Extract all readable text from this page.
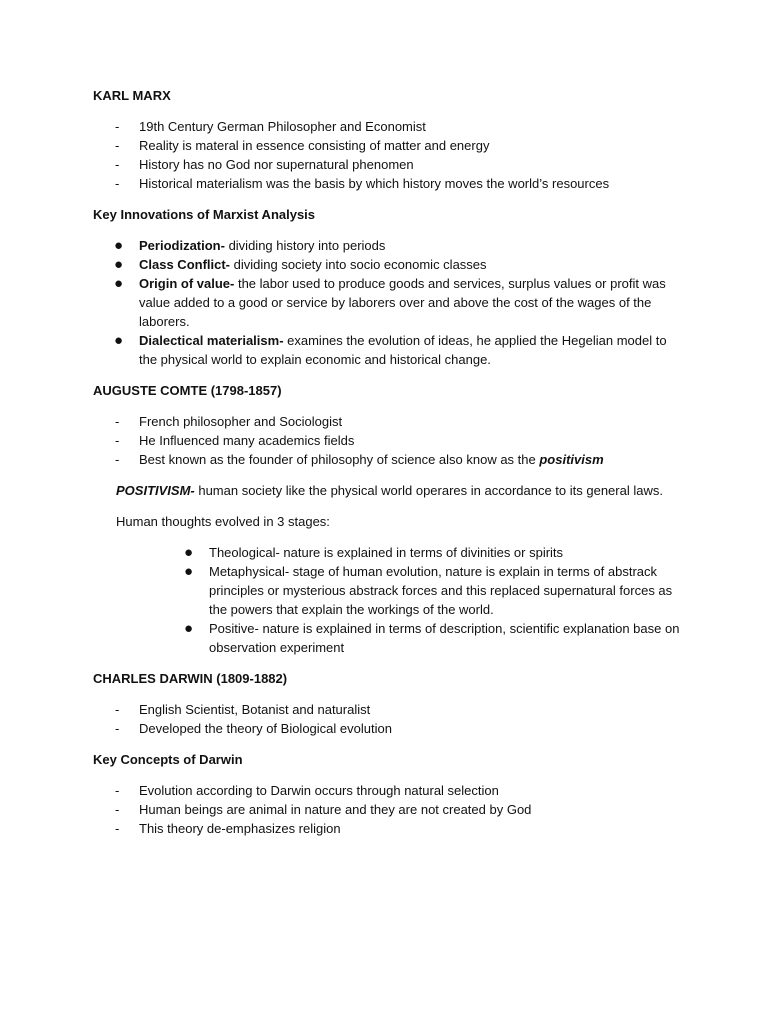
KARL MARX
-	19th Century German Philosopher and Economist
-	Reality is materal in essence consisting of matter and energy
-	History has no God nor supernatural phenomen
-	Historical materialism was the basis by which history moves the world’s resources
Key Innovations of Marxist Analysis
● Periodization- dividing history into periods
● Class Conflict- dividing society into socio economic classes
● Origin of value- the labor used to produce goods and services, surplus values or profit was value added to a good or service by laborers over and above the cost of the wages of the laborers.
● Dialectical materialism- examines the evolution of ideas, he applied the Hegelian model to the physical world to explain economic and historical change.
AUGUSTE COMTE (1798-1857)
-	French philosopher and Sociologist
-	He Influenced many academics fields
-	Best known as the founder of philosophy of science also know as the positivism
POSITIVISM- human society like the physical world operares in accordance to its general laws.
Human thoughts evolved in 3 stages:
● Theological- nature is explained in terms of divinities or spirits
● Metaphysical- stage of human evolution, nature is explain in terms of abstrack principles or mysterious abstrack forces and this replaced supernatural forces as the powers that explain the workings of the world.
● Positive- nature is explained in terms of description, scientific explanation base on observation experiment
CHARLES DARWIN (1809-1882)
-	English Scientist, Botanist and naturalist
-	Developed the theory of Biological evolution
Key Concepts of Darwin
-	Evolution according to Darwin occurs through natural selection
-	Human beings are animal in nature and they are not created by God
-	This theory de-emphasizes religion
